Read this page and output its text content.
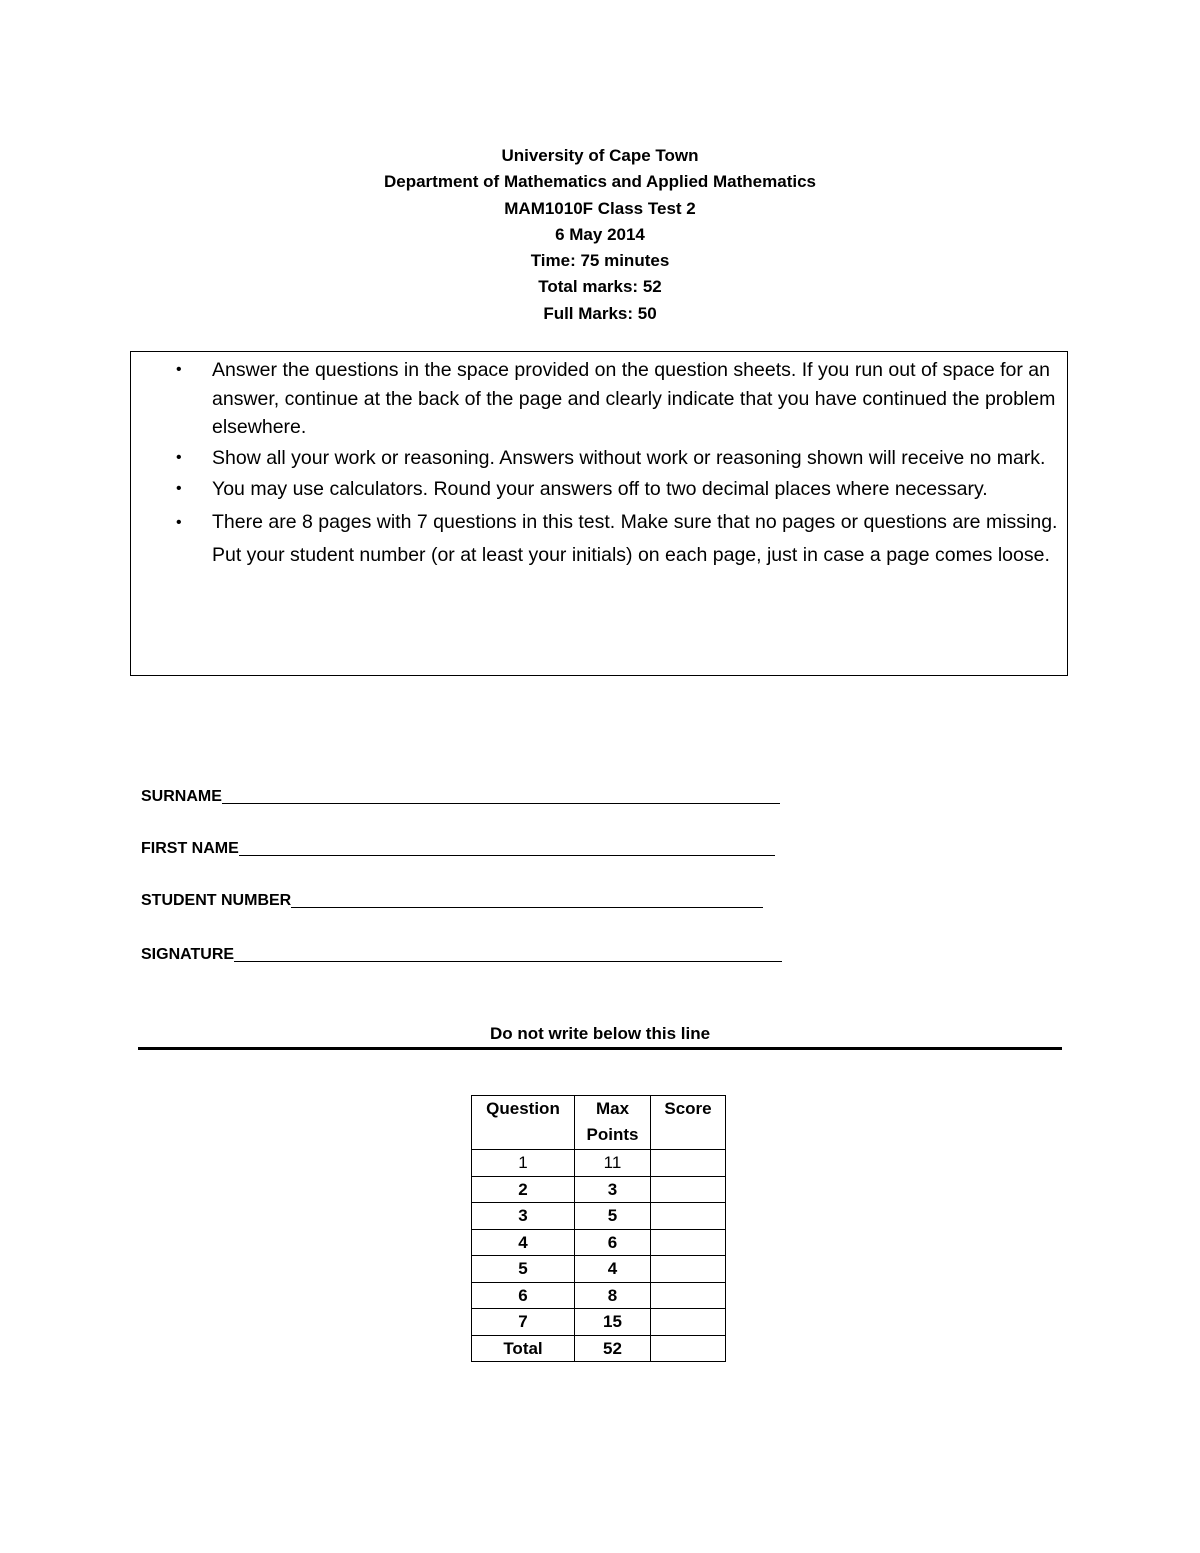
University of Cape Town
Department of Mathematics and Applied Mathematics
MAM1010F Class Test 2
6 May 2014
Time: 75 minutes
Total marks: 52
Full Marks: 50
• Answer the questions in the space provided on the question sheets. If you run out of space for an answer, continue at the back of the page and clearly indicate that you have continued the problem elsewhere.
• Show all your work or reasoning. Answers without work or reasoning shown will receive no mark.
• You may use calculators. Round your answers off to two decimal places where necessary.
• There are 8 pages with 7 questions in this test. Make sure that no pages or questions are missing. Put your student number (or at least your initials) on each page, just in case a page comes loose.
SURNAME
FIRST NAME
STUDENT NUMBER
SIGNATURE
Do not write below this line
Question	Max Points	Score
1	11	
2	3	
3	5	
4	6	
5	4	
6	8	
7	15	
Total	52	
